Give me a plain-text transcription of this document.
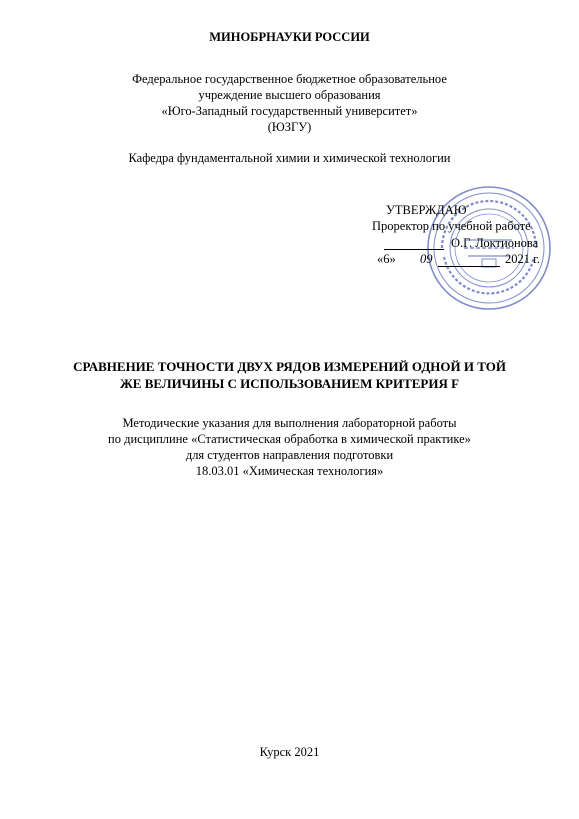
МИНОБРНАУКИ РОССИИ
Федеральное государственное бюджетное образовательное
учреждение высшего образования
«Юго-Западный государственный университет»
(ЮЗГУ)
Кафедра фундаментальной химии и химической технологии
УТВЕРЖДАЮ
Проректор по учебной работе
О.Г. Локтионова
«6» 09	2021 г.
СРАВНЕНИЕ ТОЧНОСТИ ДВУХ РЯДОВ ИЗМЕРЕНИЙ ОДНОЙ И ТОЙ
ЖЕ ВЕЛИЧИНЫ С ИСПОЛЬЗОВАНИЕМ КРИТЕРИЯ F
Методические указания для выполнения лабораторной работы
по дисциплине «Статистическая обработка в химической практике»
для студентов направления подготовки
18.03.01 «Химическая технология»
Курск 2021
